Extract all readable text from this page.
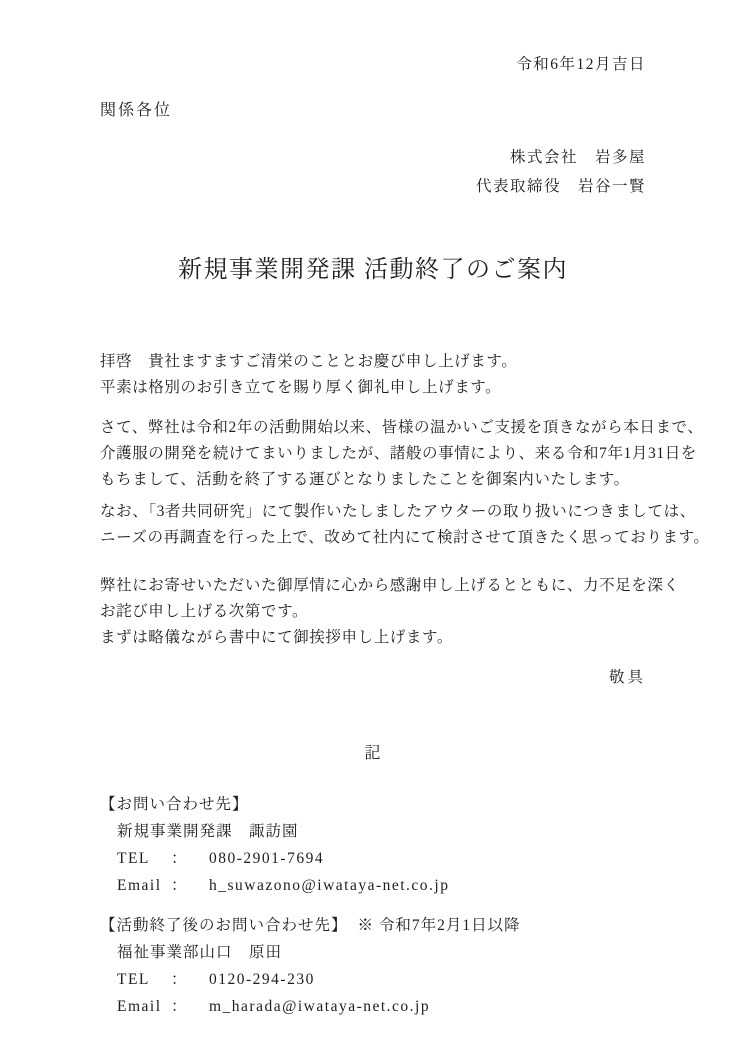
令和6年12月吉日
関係各位
株式会社　岩多屋
代表取締役　岩谷一賢
新規事業開発課 活動終了のご案内
拝啓　貴社ますますご清栄のこととお慶び申し上げます。
平素は格別のお引き立てを賜り厚く御礼申し上げます。
さて、弊社は令和2年の活動開始以来、皆様の温かいご支援を頂きながら本日まで、
介護服の開発を続けてまいりましたが、諸般の事情により、来る令和7年1月31日を
もちまして、活動を終了する運びとなりましたことを御案内いたします。
なお、「3者共同研究」にて製作いたしましたアウターの取り扱いにつきましては、
ニーズの再調査を行った上で、改めて社内にて検討させて頂きたく思っております。
弊社にお寄せいただいた御厚情に心から感謝申し上げるとともに、力不足を深く
お詫び申し上げる次第です。
まずは略儀ながら書中にて御挨拶申し上げます。
敬具
記
【お問い合わせ先】
新規事業開発課　諏訪園
TEL ： 080-2901-7694
Email ： h_suwazono@iwataya-net.co.jp
【活動終了後のお問い合わせ先】 ※ 令和7年2月1日以降
福祉事業部山口　原田
TEL ： 0120-294-230
Email ： m_harada@iwataya-net.co.jp
